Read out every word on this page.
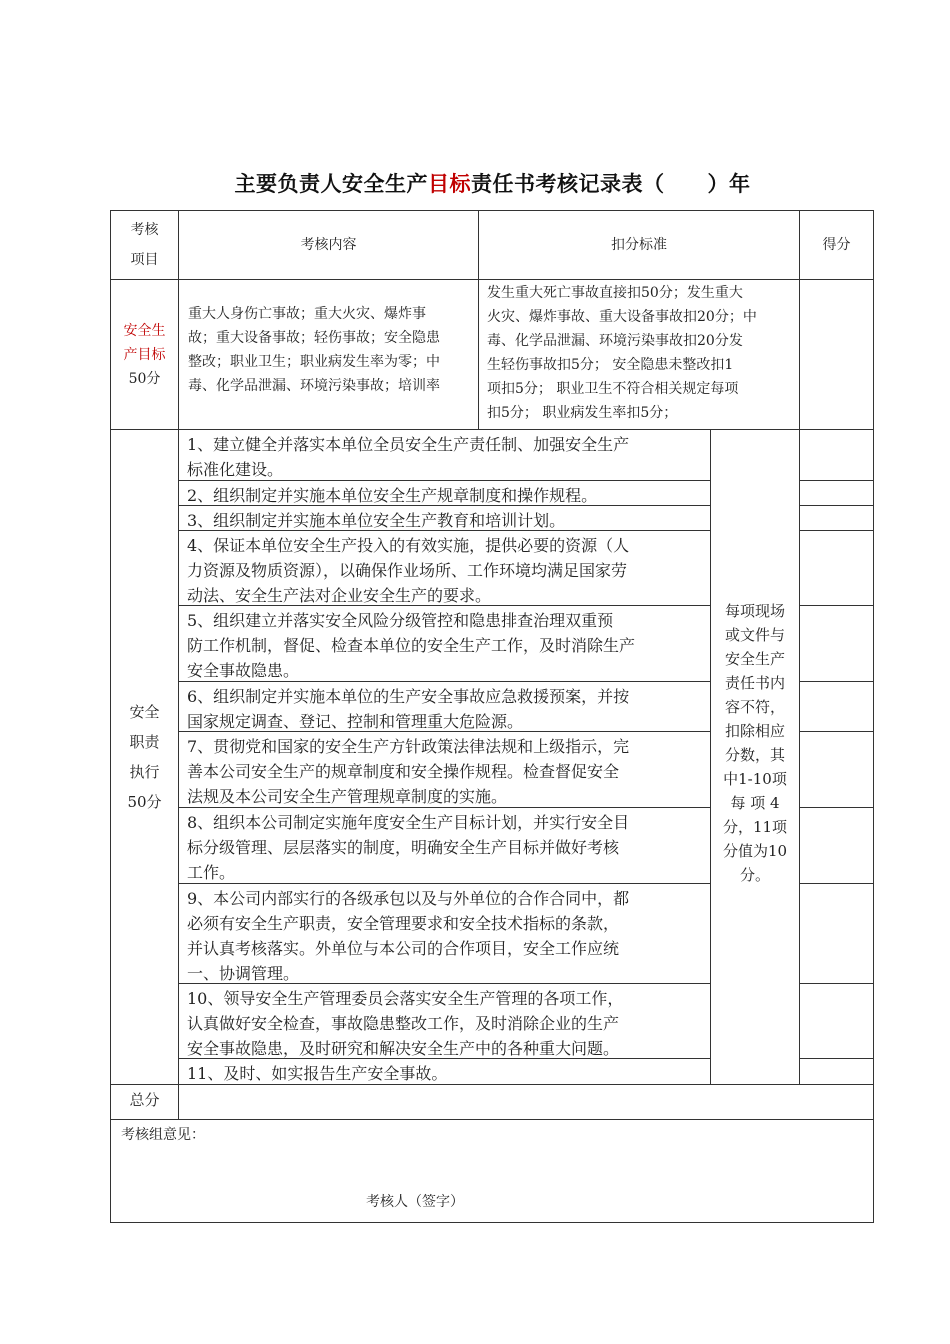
主要负责人安全生产目标责任书考核记录表（　　）年
考核
项目
考核内容	扣分标准	得分
安全生
产目标
50分
重大人身伤亡事故；重大火灾、爆炸事
故；重大设备事故；轻伤事故；安全隐患
整改；职业卫生；职业病发生率为零；中
毒、化学品泄漏、环境污染事故；培训率
发生重大死亡事故直接扣50分；发生重大
火灾、爆炸事故、重大设备事故扣20分；中
毒、化学品泄漏、环境污染事故扣20分发
生轻伤事故扣5分； 安全隐患未整改扣1
项扣5分； 职业卫生不符合相关规定每项
扣5分； 职业病发生率扣5分；
安全
职责
执行
50分
1、建立健全并落实本单位全员安全生产责任制、加强安全生产
标准化建设。
2、组织制定并实施本单位安全生产规章制度和操作规程。
3、组织制定并实施本单位安全生产教育和培训计划。
4、保证本单位安全生产投入的有效实施，提供必要的资源（人
力资源及物质资源），以确保作业场所、工作环境均满足国家劳
动法、安全生产法对企业安全生产的要求。
5、组织建立并落实安全风险分级管控和隐患排查治理双重预
防工作机制，督促、检查本单位的安全生产工作，及时消除生产
安全事故隐患。
6、组织制定并实施本单位的生产安全事故应急救援预案，并按
国家规定调查、登记、控制和管理重大危险源。
7、贯彻党和国家的安全生产方针政策法律法规和上级指示，完
善本公司安全生产的规章制度和安全操作规程。检查督促安全
法规及本公司安全生产管理规章制度的实施。
8、组织本公司制定实施年度安全生产目标计划，并实行安全目
标分级管理、层层落实的制度，明确安全生产目标并做好考核
工作。
9、本公司内部实行的各级承包以及与外单位的合作合同中，都
必须有安全生产职责，安全管理要求和安全技术指标的条款，
并认真考核落实。外单位与本公司的合作项目，安全工作应统
一、协调管理。
10、领导安全生产管理委员会落实安全生产管理的各项工作，
认真做好安全检查，事故隐患整改工作，及时消除企业的生产
安全事故隐患，及时研究和解决安全生产中的各种重大问题。
11、及时、如实报告生产安全事故。
每项现场
或文件与
安全生产
责任书内
容不符，
扣除相应
分数，其
中1-10项
每 项 4
分，11项
分值为10
分。
总分
考核组意见：
考核人（签字）
